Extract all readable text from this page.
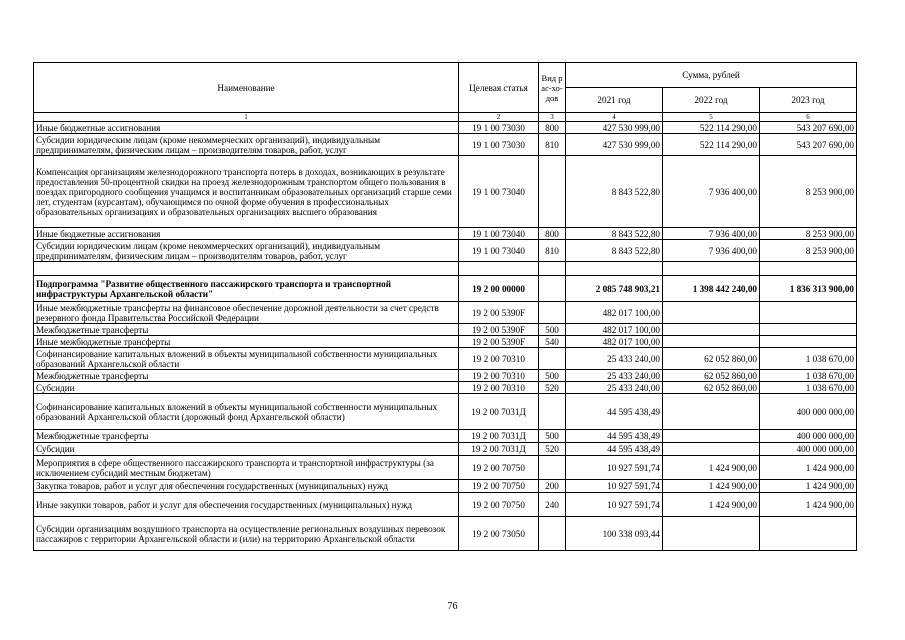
Наименование	Целевая статья	Вид рас-хо-дов	Сумма, рублей		
			2021 год	2022 год	2023 год
1	2	3	4	5	6
Иные бюджетные ассигнования	19 1 00 73030	800	427 530 999,00	522 114 290,00	543 207 690,00
Субсидии юридическим лицам (кроме некоммерческих организаций), индивидуальным предпринимателям, физическим лицам – производителям товаров, работ, услуг	19 1 00 73030	810	427 530 999,00	522 114 290,00	543 207 690,00
Компенсация организациям железнодорожного транспорта потерь в доходах, возникающих в результате предоставления 50-процентной скидки на проезд железнодорожным транспортом общего пользования в поездах пригородного сообщения учащимся и воспитанникам образовательных организаций старше семи лет, студентам (курсантам), обучающимся по очной форме обучения в профессиональных образовательных организациях и образовательных организациях высшего образования	19 1 00 73040		8 843 522,80	7 936 400,00	8 253 900,00
Иные бюджетные ассигнования	19 1 00 73040	800	8 843 522,80	7 936 400,00	8 253 900,00
Субсидии юридическим лицам (кроме некоммерческих организаций), индивидуальным предпринимателям, физическим лицам – производителям товаров, работ, услуг	19 1 00 73040	810	8 843 522,80	7 936 400,00	8 253 900,00

Подпрограмма "Развитие общественного пассажирского транспорта и транспортной инфраструктуры Архангельской области"	19 2 00 00000		2 085 748 903,21	1 398 442 240,00	1 836 313 900,00
Иные межбюджетные трансферты на финансовое обеспечение дорожной деятельности за счет средств резервного фонда Правительства Российской Федерации	19 2 00 5390F		482 017 100,00		
Межбюджетные трансферты	19 2 00 5390F	500	482 017 100,00		
Иные межбюджетные трансферты	19 2 00 5390F	540	482 017 100,00		
Софинансирование капитальных вложений в объекты муниципальной собственности муниципальных образований Архангельской области	19 2 00 70310		25 433 240,00	62 052 860,00	1 038 670,00
Межбюджетные трансферты	19 2 00 70310	500	25 433 240,00	62 052 860,00	1 038 670,00
Субсидии	19 2 00 70310	520	25 433 240,00	62 052 860,00	1 038 670,00
Софинансирование капитальных вложений в объекты муниципальной собственности муниципальных образований Архангельской области (дорожный фонд Архангельской области)	19 2 00 7031Д		44 595 438,49		400 000 000,00
Межбюджетные трансферты	19 2 00 7031Д	500	44 595 438,49		400 000 000,00
Субсидии	19 2 00 7031Д	520	44 595 438,49		400 000 000,00
Мероприятия в сфере общественного пассажирского транспорта и транспортной инфраструктуры (за исключением субсидий местным бюджетам)	19 2 00 70750		10 927 591,74	1 424 900,00	1 424 900,00
Закупка товаров, работ и услуг для обеспечения государственных (муниципальных) нужд	19 2 00 70750	200	10 927 591,74	1 424 900,00	1 424 900,00
Иные закупки товаров, работ и услуг для обеспечения государственных (муниципальных) нужд	19 2 00 70750	240	10 927 591,74	1 424 900,00	1 424 900,00
Субсидии организациям воздушного транспорта на осуществление региональных воздушных перевозок пассажиров с территории Архангельской области и (или) на территорию Архангельской области	19 2 00 73050		100 338 093,44		
76
